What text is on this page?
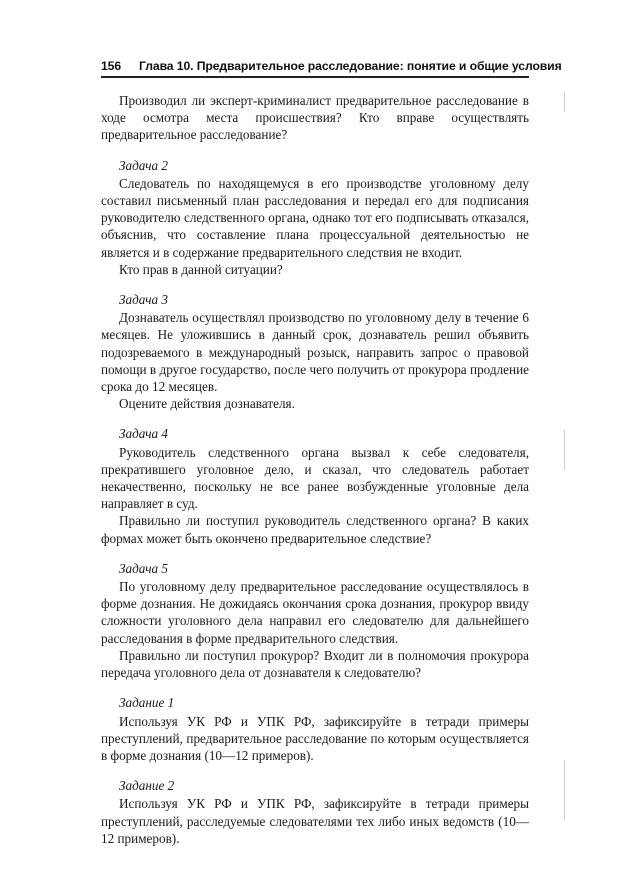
156 Глава 10. Предварительное расследование: понятие и общие условия

Производил ли эксперт-криминалист предварительное расследование в ходе осмотра места происшествия? Кто вправе осуществлять предварительное расследование?

Задача 2

Следователь по находящемуся в его производстве уголовному делу составил письменный план расследования и передал его для подписания руководителю следственного органа, однако тот его подписывать отказался, объяснив, что составление плана процессуальной деятельностью не является и в содержание предварительного следствия не входит.

Кто прав в данной ситуации?

Задача 3

Дознаватель осуществлял производство по уголовному делу в течение 6 месяцев. Не уложившись в данный срок, дознаватель решил объявить подозреваемого в международный розыск, направить запрос о правовой помощи в другое государство, после чего получить от прокурора продление срока до 12 месяцев.

Оцените действия дознавателя.

Задача 4

Руководитель следственного органа вызвал к себе следователя, прекратившего уголовное дело, и сказал, что следователь работает некачественно, поскольку не все ранее возбужденные уголовные дела направляет в суд.

Правильно ли поступил руководитель следственного органа? В каких формах может быть окончено предварительное следствие?

Задача 5

По уголовному делу предварительное расследование осуществлялось в форме дознания. Не дожидаясь окончания срока дознания, прокурор ввиду сложности уголовного дела направил его следователю для дальнейшего расследования в форме предварительного следствия.

Правильно ли поступил прокурор? Входит ли в полномочия прокурора передача уголовного дела от дознавателя к следователю?

Задание 1

Используя УК РФ и УПК РФ, зафиксируйте в тетради примеры преступлений, предварительное расследование по которым осуществляется в форме дознания (10—12 примеров).

Задание 2

Используя УК РФ и УПК РФ, зафиксируйте в тетради примеры преступлений, расследуемые следователями тех либо иных ведомств (10—12 примеров).
